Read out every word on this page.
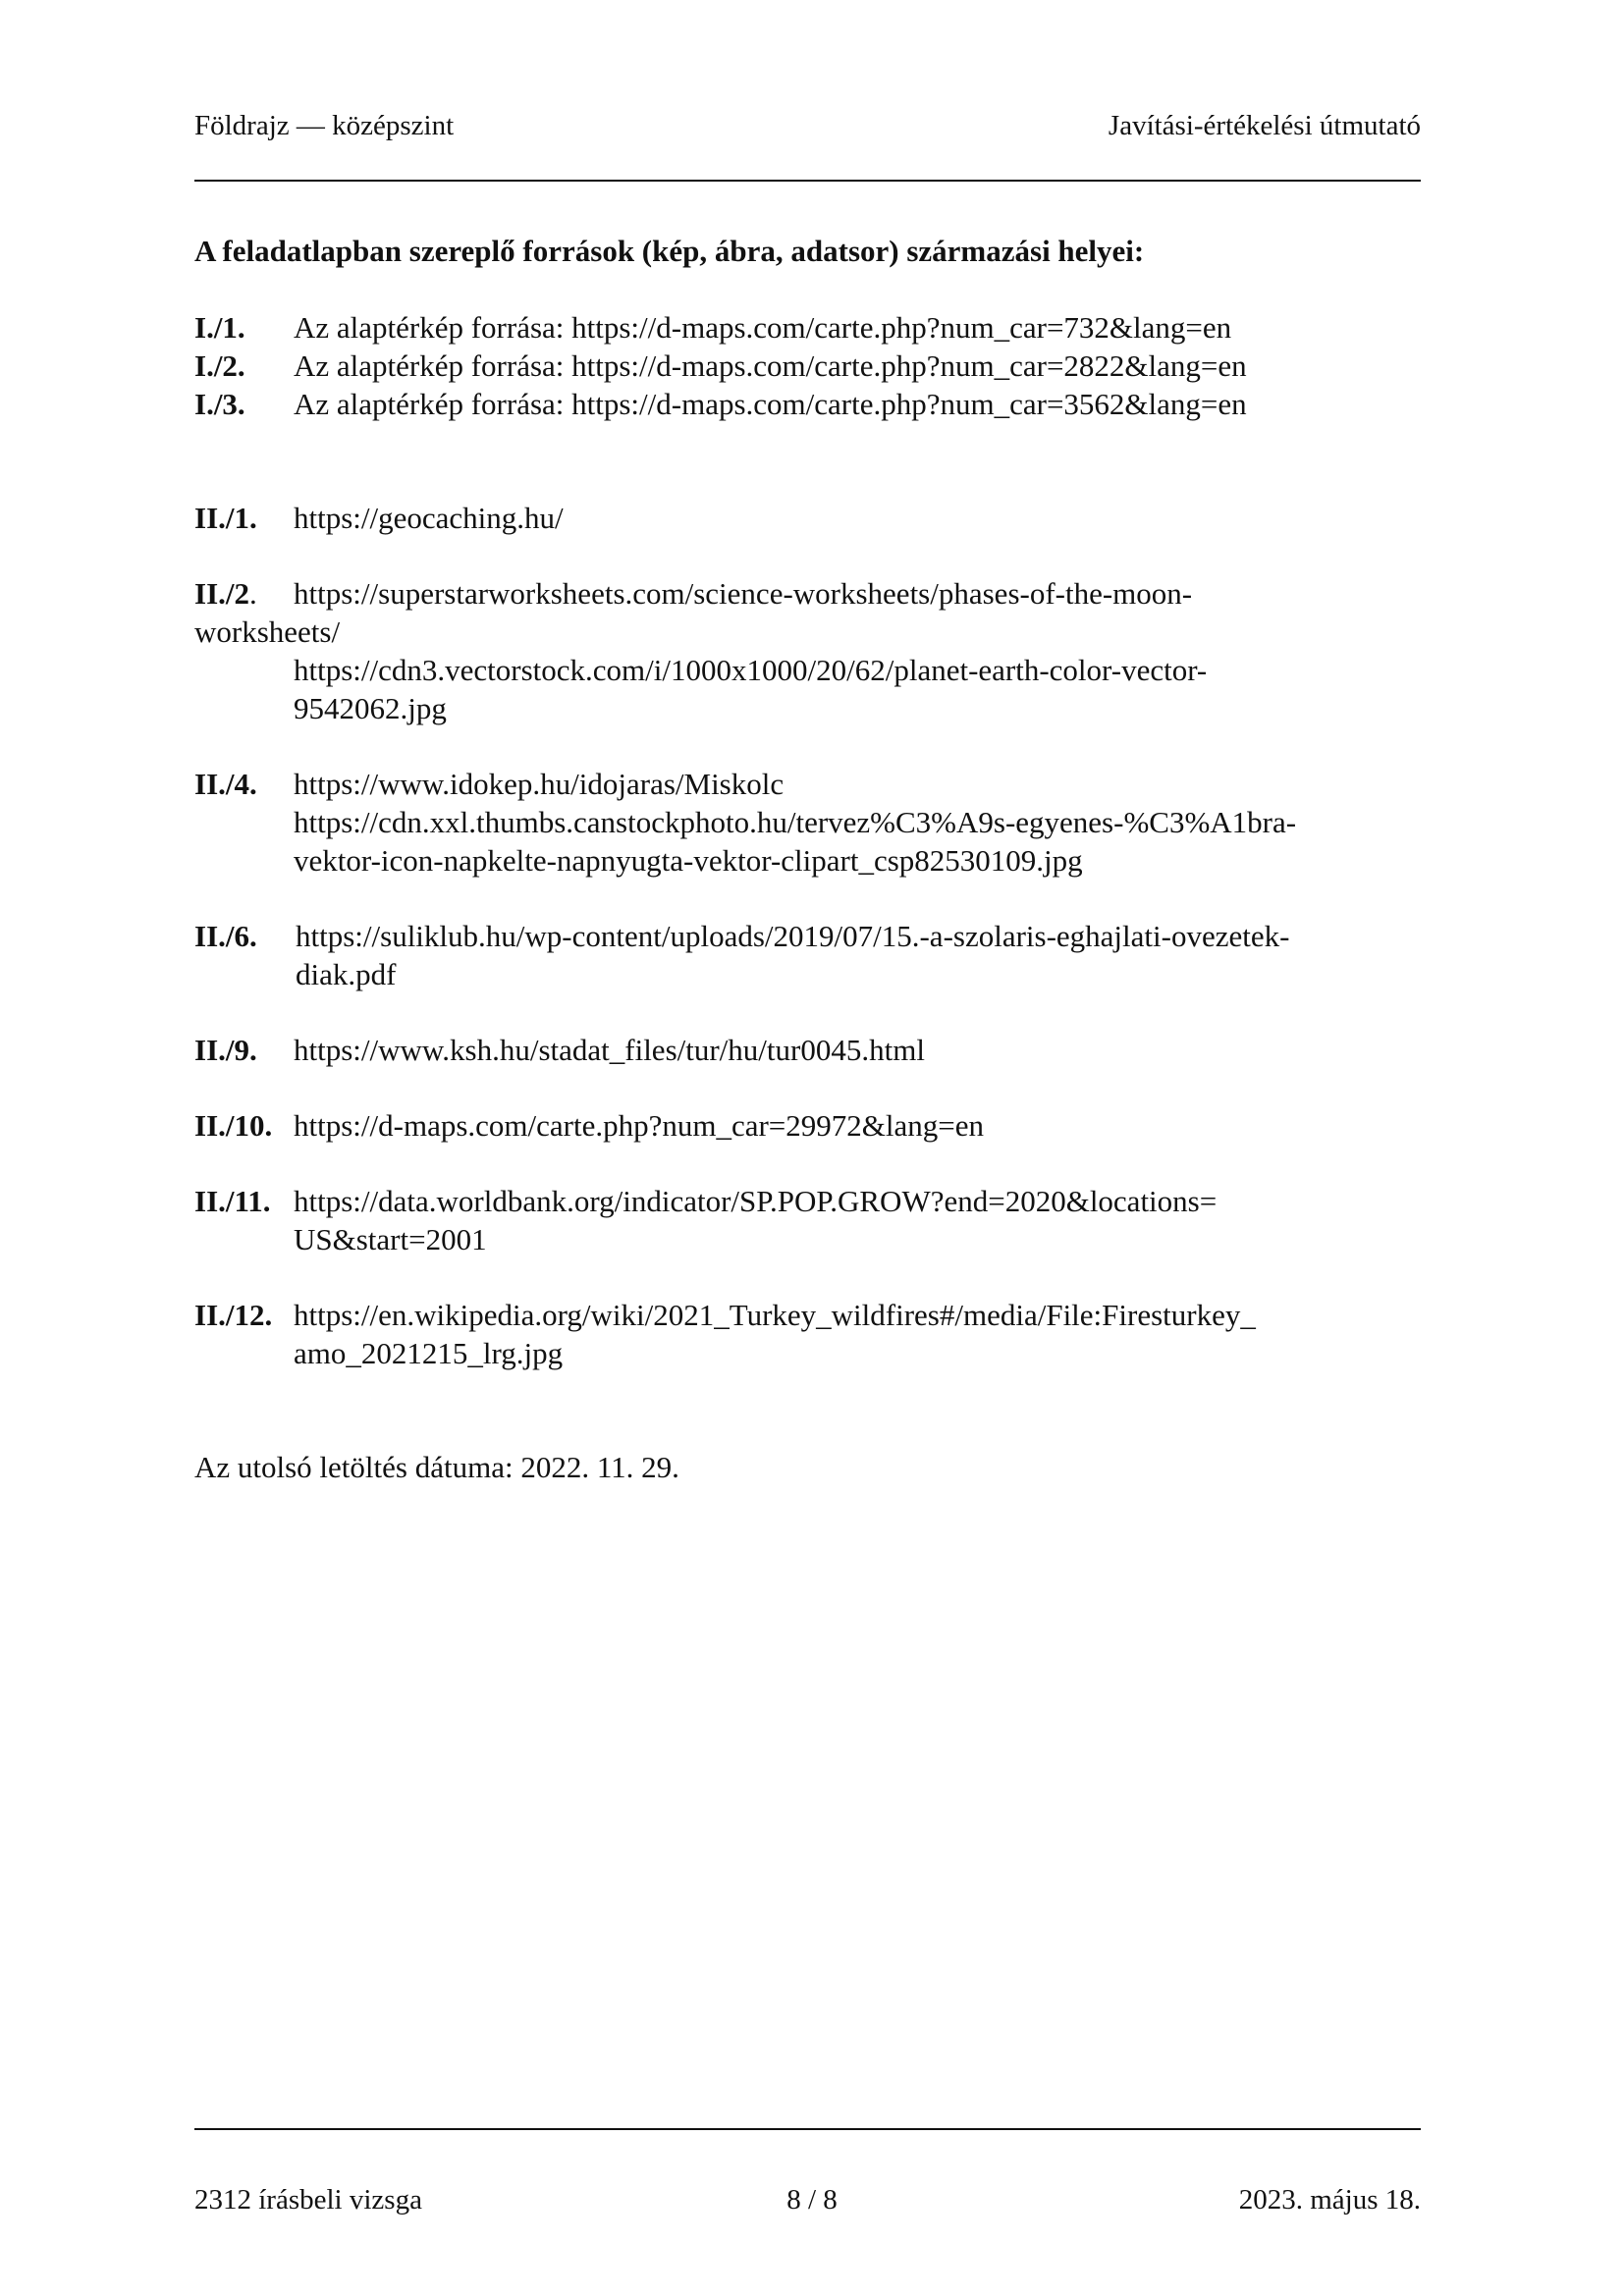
Földrajz — középszint	Javítási-értékelési útmutató
A feladatlapban szereplő források (kép, ábra, adatsor) származási helyei:
I./1. Az alaptérkép forrása: https://d-maps.com/carte.php?num_car=732&lang=en
I./2. Az alaptérkép forrása: https://d-maps.com/carte.php?num_car=2822&lang=en
I./3. Az alaptérkép forrása: https://d-maps.com/carte.php?num_car=3562&lang=en
II./1. https://geocaching.hu/
II./2. https://superstarworksheets.com/science-worksheets/phases-of-the-moon-
worksheets/
https://cdn3.vectorstock.com/i/1000x1000/20/62/planet-earth-color-vector-
9542062.jpg
II./4. https://www.idokep.hu/idojaras/Miskolc
https://cdn.xxl.thumbs.canstockphoto.hu/tervez%C3%A9s-egyenes-%C3%A1bra-
vektor-icon-napkelte-napnyugta-vektor-clipart_csp82530109.jpg
II./6. https://suliklub.hu/wp-content/uploads/2019/07/15.-a-szolaris-eghajlati-ovezetek-
diak.pdf
II./9. https://www.ksh.hu/stadat_files/tur/hu/tur0045.html
II./10. https://d-maps.com/carte.php?num_car=29972&lang=en
II./11. https://data.worldbank.org/indicator/SP.POP.GROW?end=2020&locations=
US&start=2001
II./12. https://en.wikipedia.org/wiki/2021_Turkey_wildfires#/media/File:Firesturkey_
amo_2021215_lrg.jpg
Az utolsó letöltés dátuma: 2022. 11. 29.
2312 írásbeli vizsga	8 / 8	2023. május 18.
